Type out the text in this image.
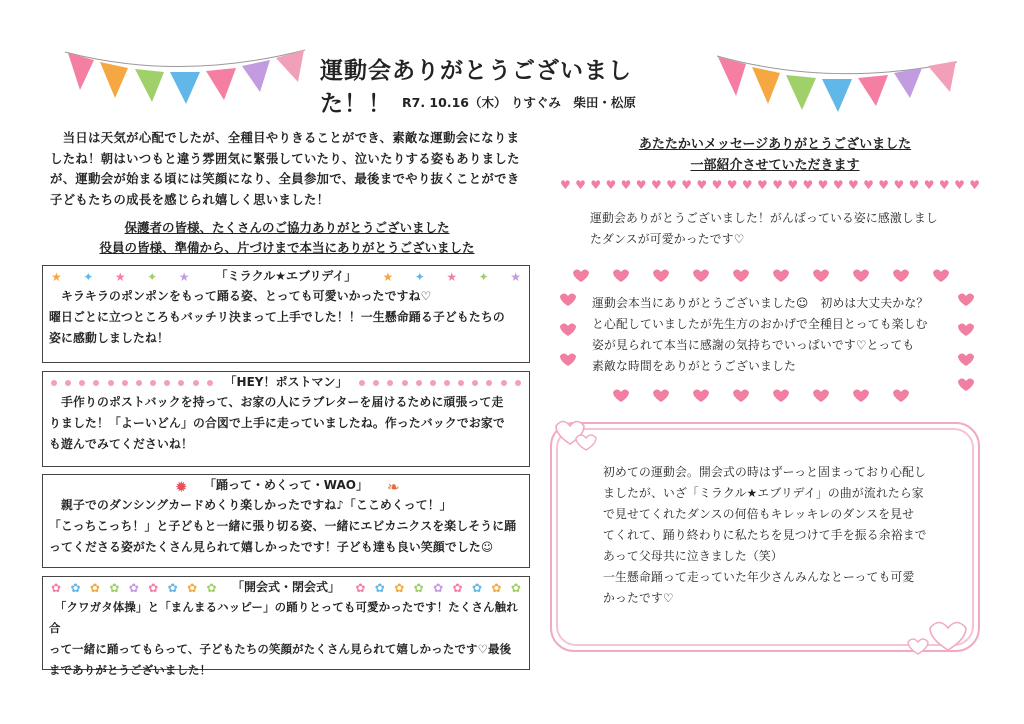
運動会ありがとうございました！！ R7. 10.16（木） りすぐみ　柴田・松原

　当日は天気が心配でしたが、全種目やりきることができ、素敵な運動会になりま

したね！朝はいつもと違う雰囲気に緊張していたり、泣いたりする姿もありました

が、運動会が始まる頃には笑顔になり、全員参加で、最後までやり抜くことができ

子どもたちの成長を感じられ嬉しく思いました！

保護者の皆様、たくさんのご協力ありがとうございました

役員の皆様、準備から、片づけまで本当にありがとうございました

★ ✦ ★ ✦ ★	★ ✦ ★ ✦ ★
「ミラクル★エブリデイ」

　キラキラのポンポンをもって踊る姿、とっても可愛いかったですね♡

曜日ごとに立つところもバッチリ決まって上手でした！！一生懸命踊る子どもたちの

姿に感動しましたね！

「HEY！ポストマン」

　手作りのポストバックを持って、お家の人にラブレターを届けるために頑張って走

りました！「よーいどん」の合図で上手に走っていましたね。作ったバックでお家で

も遊んでみてくださいね！

✹ 「踊って・めくって・WAO」 ❧

　親子でのダンシングカードめくり楽しかったですね♪「ここめくって！」

「こっちこっち！」と子どもと一緒に張り切る姿、一緒にエビカニクスを楽しそうに踊

ってくださる姿がたくさん見られて嬉しかったです！子ども達も良い笑顔でした☺

✿ ✿ ✿ ✿ ✿ ✿ ✿ ✿ ✿	✿ ✿ ✿ ✿ ✿ ✿ ✿ ✿ ✿
「開会式・閉会式」

　「クワガタ体操」と「まんまるハッピー」の踊りとっても可愛かったです！たくさん触れ合

って一緒に踊ってもらって、子どもたちの笑顔がたくさん見られて嬉しかったです♡最後

までありがとうございました！

あたたかいメッセージありがとうございました

一部紹介させていただきます

♥ ♥ ♥ ♥ ♥ ♥ ♥ ♥ ♥ ♥ ♥ ♥ ♥ ♥ ♥ ♥ ♥ ♥ ♥ ♥ ♥ ♥ ♥ ♥ ♥ ♥ ♥ ♥

運動会ありがとうございました！がんばっている姿に感激しまし

たダンスが可愛かったです♡

運動会本当にありがとうございました☺　初めは大丈夫かな？

と心配していましたが先生方のおかげで全種目とっても楽しむ

姿が見られて本当に感謝の気持ちでいっぱいです♡とっても

素敵な時間をありがとうございました

初めての運動会。開会式の時はずーっと固まっており心配し

ましたが、いざ「ミラクル★エブリデイ」の曲が流れたら家

で見せてくれたダンスの何倍もキレッキレのダンスを見せ

てくれて、踊り終わりに私たちを見つけて手を振る余裕まで

あって父母共に泣きました（笑）

一生懸命踊って走っていた年少さんみんなとーっても可愛

かったです♡
